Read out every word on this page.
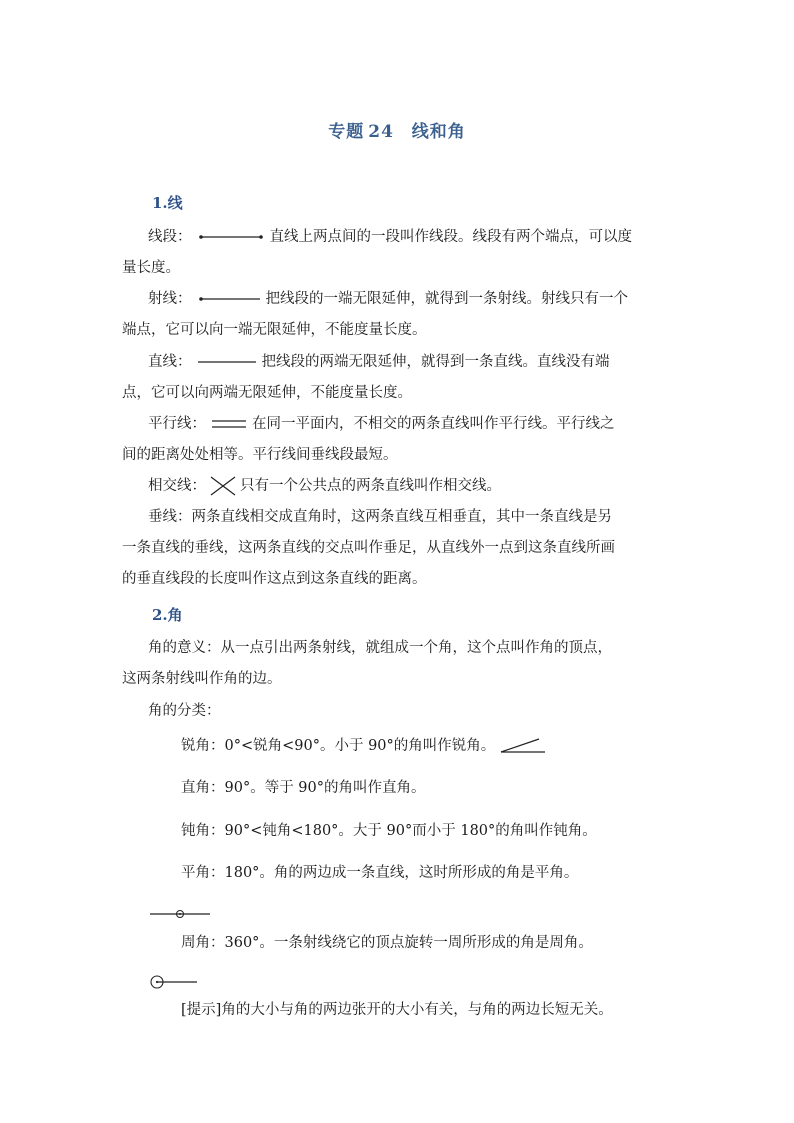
专题 24 线和角
1.线
线段：	直线上两点间的一段叫作线段。线段有两个端点，可以度
量长度。
射线：	把线段的一端无限延伸，就得到一条射线。射线只有一个
端点，它可以向一端无限延伸，不能度量长度。
直线：	把线段的两端无限延伸，就得到一条直线。直线没有端
点，它可以向两端无限延伸，不能度量长度。
平行线：	在同一平面内，不相交的两条直线叫作平行线。平行线之
间的距离处处相等。平行线间垂线段最短。
相交线： 只有一个公共点的两条直线叫作相交线。
垂线：两条直线相交成直角时，这两条直线互相垂直，其中一条直线是另
一条直线的垂线，这两条直线的交点叫作垂足，从直线外一点到这条直线所画
的垂直线段的长度叫作这点到这条直线的距离。
2.角
角的意义：从一点引出两条射线，就组成一个角，这个点叫作角的顶点，
这两条射线叫作角的边。
角的分类：
锐角：0°<锐角<90°。小于 90°的角叫作锐角。
直角：90°。等于 90°的角叫作直角。
钝角：90°<钝角<180°。大于 90°而小于 180°的角叫作钝角。
平角：180°。角的两边成一条直线，这时所形成的角是平角。
周角：360°。一条射线绕它的顶点旋转一周所形成的角是周角。
[提示]角的大小与角的两边张开的大小有关，与角的两边长短无关。
